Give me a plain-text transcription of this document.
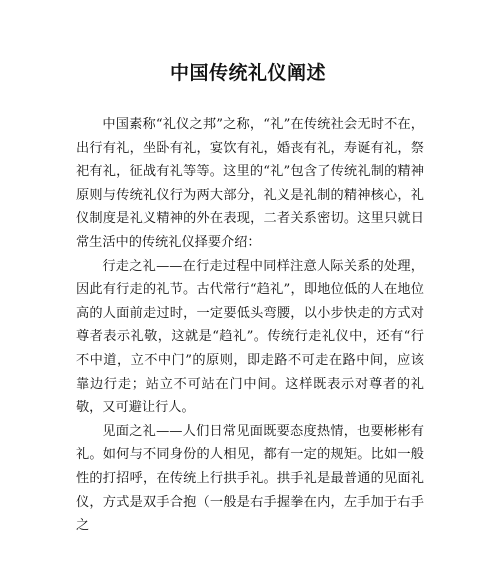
中国传统礼仪阐述

中国素称“礼仪之邦”之称，“礼”在传统社会无时不在，出行有礼，坐卧有礼，宴饮有礼，婚丧有礼，寿诞有礼，祭祀有礼，征战有礼等等。这里的“礼”包含了传统礼制的精神原则与传统礼仪行为两大部分，礼义是礼制的精神核心，礼仪制度是礼义精神的外在表现，二者关系密切。这里只就日常生活中的传统礼仪择要介绍：

行走之礼——在行走过程中同样注意人际关系的处理，因此有行走的礼节。古代常行“趋礼”，即地位低的人在地位高的人面前走过时，一定要低头弯腰，以小步快走的方式对尊者表示礼敬，这就是“趋礼”。传统行走礼仪中，还有“行不中道，立不中门”的原则，即走路不可走在路中间，应该靠边行走；站立不可站在门中间。这样既表示对尊者的礼敬，又可避让行人。

见面之礼——人们日常见面既要态度热情，也要彬彬有礼。如何与不同身份的人相见，都有一定的规矩。比如一般性的打招呼，在传统上行拱手礼。拱手礼是最普通的见面礼仪，方式是双手合抱（一般是右手握拳在内，左手加于右手之
